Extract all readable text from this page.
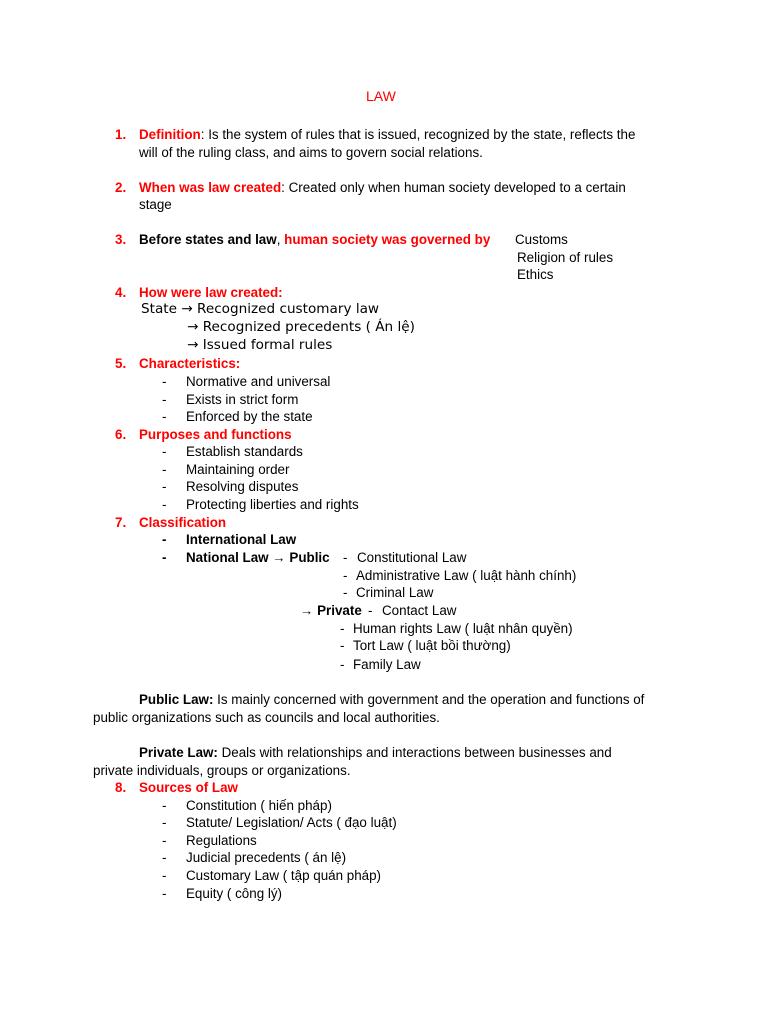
LAW
1. Definition: Is the system of rules that is issued, recognized by the state, reflects the
will of the ruling class, and aims to govern social relations.
2. When was law created: Created only when human society developed to a certain
stage
3. Before states and law, human society was governed by Customs
Religion of rules
Ethics
4. How were law created:
State → Recognized customary law
→ Recognized precedents ( Án lệ)
→ Issued formal rules
5. Characteristics:
- Normative and universal
- Exists in strict form
- Enforced by the state
6. Purposes and functions
- Establish standards
- Maintaining order
- Resolving disputes
- Protecting liberties and rights
7. Classification
- International Law
- National Law → Public - Constitutional Law
- Administrative Law ( luật hành chính)
- Criminal Law
→ Private - Contact Law
- Human rights Law ( luật nhân quyền)
- Tort Law ( luật bồi thường)
- Family Law
Public Law: Is mainly concerned with government and the operation and functions of
public organizations such as councils and local authorities.
Private Law: Deals with relationships and interactions between businesses and
private individuals, groups or organizations.
8. Sources of Law
- Constitution ( hiến pháp)
- Statute/ Legislation/ Acts ( đạo luật)
- Regulations
- Judicial precedents ( án lệ)
- Customary Law ( tập quán pháp)
- Equity ( công lý)
